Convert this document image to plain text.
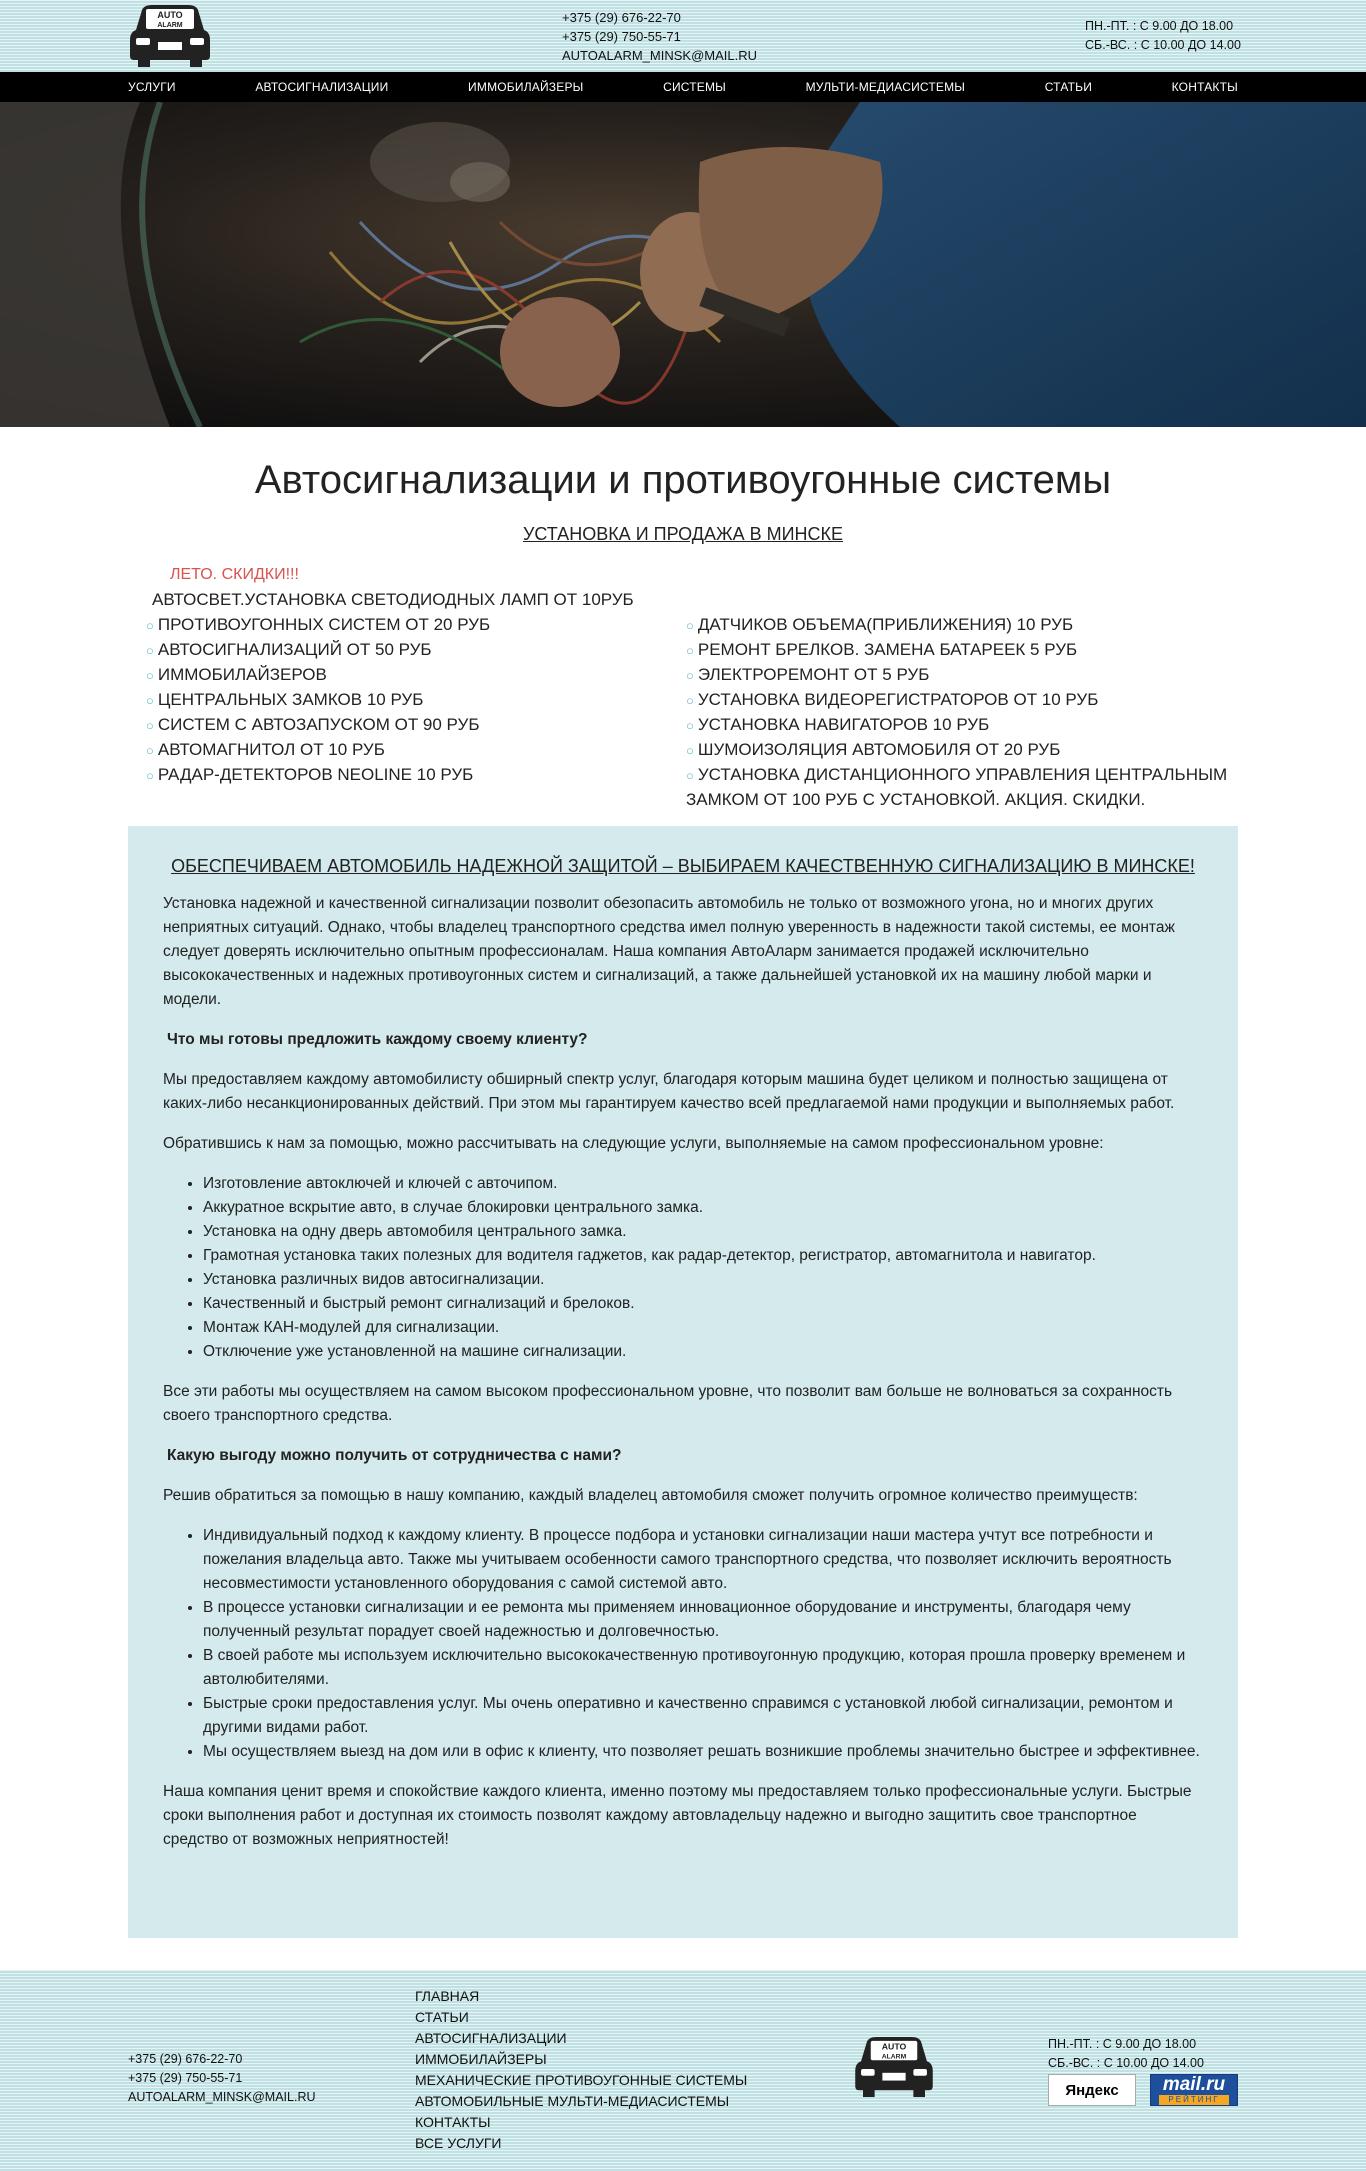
AUTO
ALARM
+375 (29) 676-22-70
+375 (29) 750-55-71
AUTOALARM_MINSK@MAIL.RU
ПН.-ПТ. : С 9.00 ДО 18.00
СБ.-ВС. : С 10.00 ДО 14.00
УСЛУГИ	АВТОСИГНАЛИЗАЦИИ	ИММОБИЛАЙЗЕРЫ	СИСТЕМЫ	МУЛЬТИ-МЕДИАСИСТЕМЫ	СТАТЬИ	КОНТАКТЫ
Автосигнализации и противоугонные системы
УСТАНОВКА И ПРОДАЖА В МИНСКЕ
ЛЕТО. СКИДКИ!!!
АВТОСВЕТ.УСТАНОВКА СВЕТОДИОДНЫХ ЛАМП ОТ 10РУБ
○ ПРОТИВОУГОННЫХ СИСТЕМ ОТ 20 РУБ
○ АВТОСИГНАЛИЗАЦИЙ ОТ 50 РУБ
○ ИММОБИЛАЙЗЕРОВ
○ ЦЕНТРАЛЬНЫХ ЗАМКОВ 10 РУБ
○ СИСТЕМ С АВТОЗАПУСКОМ ОТ 90 РУБ
○ АВТОМАГНИТОЛ ОТ 10 РУБ
○ РАДАР-ДЕТЕКТОРОВ NEOLINE 10 РУБ
○ ДАТЧИКОВ ОБЪЕМА(ПРИБЛИЖЕНИЯ) 10 РУБ
○ РЕМОНТ БРЕЛКОВ. ЗАМЕНА БАТАРЕЕК 5 РУБ
○ ЭЛЕКТРОРЕМОНТ ОТ 5 РУБ
○ УСТАНОВКА ВИДЕОРЕГИСТРАТОРОВ ОТ 10 РУБ
○ УСТАНОВКА НАВИГАТОРОВ 10 РУБ
○ ШУМОИЗОЛЯЦИЯ АВТОМОБИЛЯ ОТ 20 РУБ
○ УСТАНОВКА ДИСТАНЦИОННОГО УПРАВЛЕНИЯ ЦЕНТРАЛЬНЫМ ЗАМКОМ ОТ 100 РУБ С УСТАНОВКОЙ. АКЦИЯ. СКИДКИ.
ОБЕСПЕЧИВАЕМ АВТОМОБИЛЬ НАДЕЖНОЙ ЗАЩИТОЙ – ВЫБИРАЕМ КАЧЕСТВЕННУЮ СИГНАЛИЗАЦИЮ В МИНСКЕ!

Установка надежной и качественной сигнализации позволит обезопасить автомобиль не только от возможного угона, но и многих других неприятных ситуаций. Однако, чтобы владелец транспортного средства имел полную уверенность в надежности такой системы, ее монтаж следует доверять исключительно опытным профессионалам. Наша компания АвтоАларм занимается продажей исключительно высококачественных и надежных противоугонных систем и сигнализаций, а также дальнейшей установкой их на машину любой марки и модели.

Что мы готовы предложить каждому своему клиенту?

Мы предоставляем каждому автомобилисту обширный спектр услуг, благодаря которым машина будет целиком и полностью защищена от каких-либо несанкционированных действий. При этом мы гарантируем качество всей предлагаемой нами продукции и выполняемых работ.

Обратившись к нам за помощью, можно рассчитывать на следующие услуги, выполняемые на самом профессиональном уровне:

• Изготовление автоключей и ключей с авточипом.
• Аккуратное вскрытие авто, в случае блокировки центрального замка.
• Установка на одну дверь автомобиля центрального замка.
• Грамотная установка таких полезных для водителя гаджетов, как радар-детектор, регистратор, автомагнитола и навигатор.
• Установка различных видов автосигнализации.
• Качественный и быстрый ремонт сигнализаций и брелоков.
• Монтаж КАН-модулей для сигнализации.
• Отключение уже установленной на машине сигнализации.

Все эти работы мы осуществляем на самом высоком профессиональном уровне, что позволит вам больше не волноваться за сохранность своего транспортного средства.

Какую выгоду можно получить от сотрудничества с нами?

Решив обратиться за помощью в нашу компанию, каждый владелец автомобиля сможет получить огромное количество преимуществ:

• Индивидуальный подход к каждому клиенту. В процессе подбора и установки сигнализации наши мастера учтут все потребности и пожелания владельца авто. Также мы учитываем особенности самого транспортного средства, что позволяет исключить вероятность несовместимости установленного оборудования с самой системой авто.
• В процессе установки сигнализации и ее ремонта мы применяем инновационное оборудование и инструменты, благодаря чему полученный результат порадует своей надежностью и долговечностью.
• В своей работе мы используем исключительно высококачественную противоугонную продукцию, которая прошла проверку временем и автолюбителями.
• Быстрые сроки предоставления услуг. Мы очень оперативно и качественно справимся с установкой любой сигнализации, ремонтом и другими видами работ.
• Мы осуществляем выезд на дом или в офис к клиенту, что позволяет решать возникшие проблемы значительно быстрее и эффективнее.

Наша компания ценит время и спокойствие каждого клиента, именно поэтому мы предоставляем только профессиональные услуги. Быстрые сроки выполнения работ и доступная их стоимость позволят каждому автовладельцу надежно и выгодно защитить свое транспортное средство от возможных неприятностей!

+375 (29) 676-22-70
+375 (29) 750-55-71
AUTOALARM_MINSK@MAIL.RU
ГЛАВНАЯ
СТАТЬИ
АВТОСИГНАЛИЗАЦИИ
ИММОБИЛАЙЗЕРЫ
МЕХАНИЧЕСКИЕ ПРОТИВОУГОННЫЕ СИСТЕМЫ
АВТОМОБИЛЬНЫЕ МУЛЬТИ-МЕДИАСИСТЕМЫ
КОНТАКТЫ
ВСЕ УСЛУГИ
AUTO
ALARM
ПН.-ПТ. : С 9.00 ДО 18.00
СБ.-ВС. : С 10.00 ДО 14.00
Яндекс	mail.ru
РЕЙТИНГ
